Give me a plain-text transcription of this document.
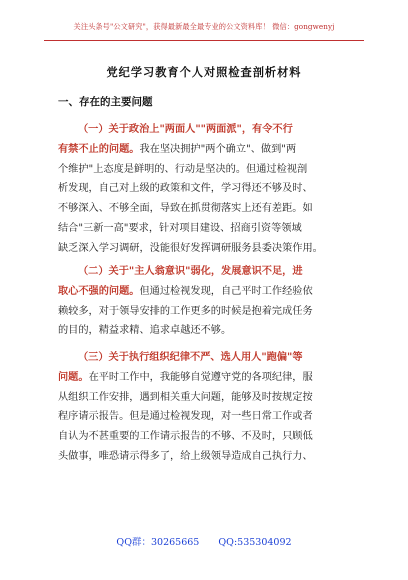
关注头条号"公文研究"，获得最新最全最专业的公文资料库！ 微信：gongwenyj
党纪学习教育个人对照检查剖析材料
一、存在的主要问题
（一）关于政治上"两面人""两面派"，有令不行
有禁不止的问题。我在坚决拥护"两个确立"、做到"两
个维护"上态度是鲜明的、行动是坚决的。但通过检视剖
析发现，自己对上级的政策和文件，学习得还不够及时、
不够深入、不够全面，导致在抓贯彻落实上还有差距。如
结合"三新一高"要求，针对项目建设、招商引资等领域
缺乏深入学习调研，没能很好发挥调研服务县委决策作用。
（二）关于"主人翁意识"弱化，发展意识不足，进
取心不强的问题。但通过检视发现，自己平时工作经验依
赖较多，对于领导安排的工作更多的时候是抱着完成任务
的目的，精益求精、追求卓越还不够。
（三）关于执行组织纪律不严、选人用人"跑偏"等
问题。在平时工作中，我能够自觉遵守党的各项纪律，服
从组织工作安排，遇到相关重大问题，能够及时按规定按
程序请示报告。但是通过检视发现，对一些日常工作或者
自认为不甚重要的工作请示报告的不够、不及时，只顾低
头做事，唯恐请示得多了，给上级领导造成自己执行力、
QQ群：30265665 QQ:535304092
